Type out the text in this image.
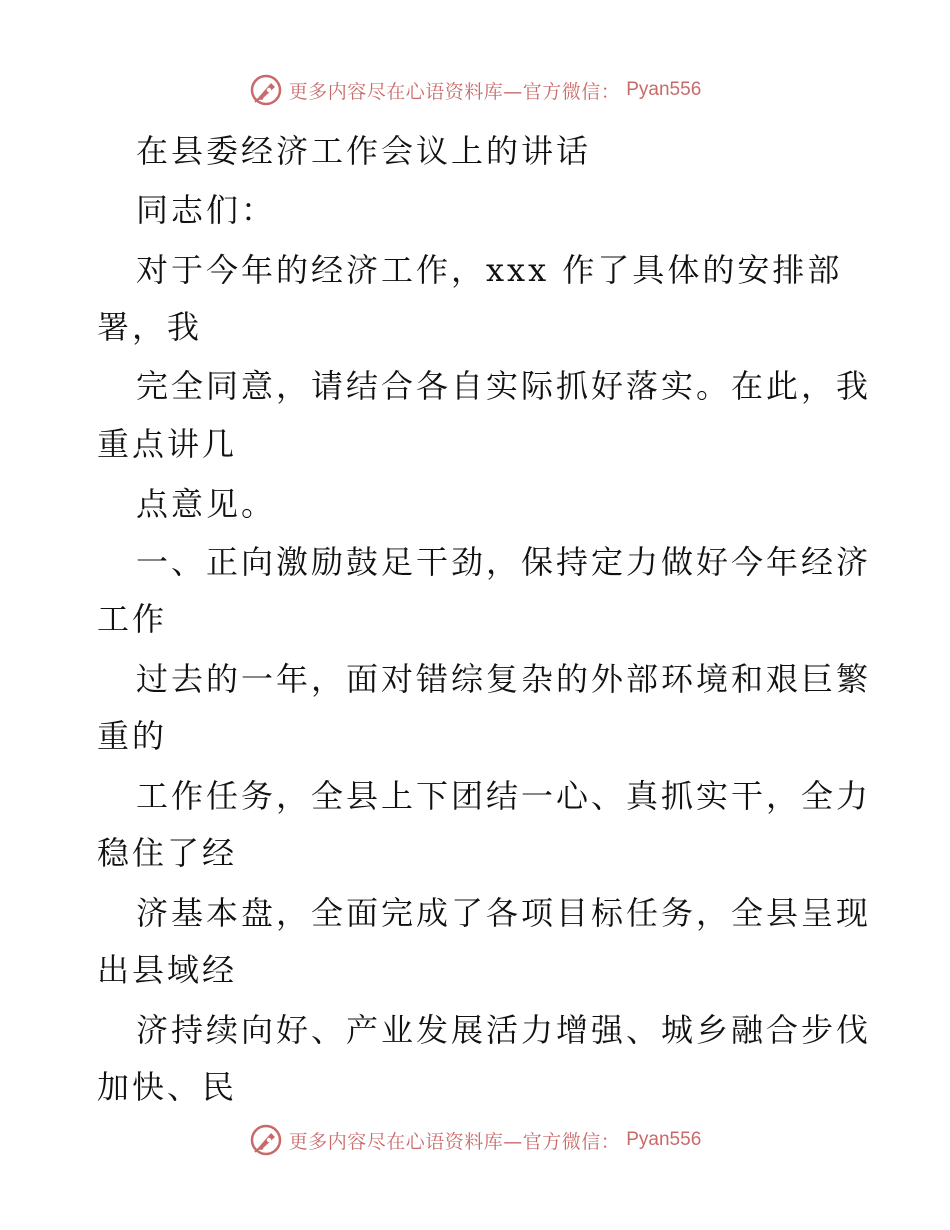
更多内容尽在心语资料库—官方微信： Pyan556
在县委经济工作会议上的讲话
同志们：
对于今年的经济工作，xxx 作了具体的安排部
署，我
完全同意，请结合各自实际抓好落实。在此，我
重点讲几
点意见。
一、正向激励鼓足干劲，保持定力做好今年经济
工作
过去的一年，面对错综复杂的外部环境和艰巨繁
重的
工作任务，全县上下团结一心、真抓实干，全力
稳住了经
济基本盘，全面完成了各项目标任务，全县呈现
出县域经
济持续向好、产业发展活力增强、城乡融合步伐
加快、民
更多内容尽在心语资料库—官方微信： Pyan556
